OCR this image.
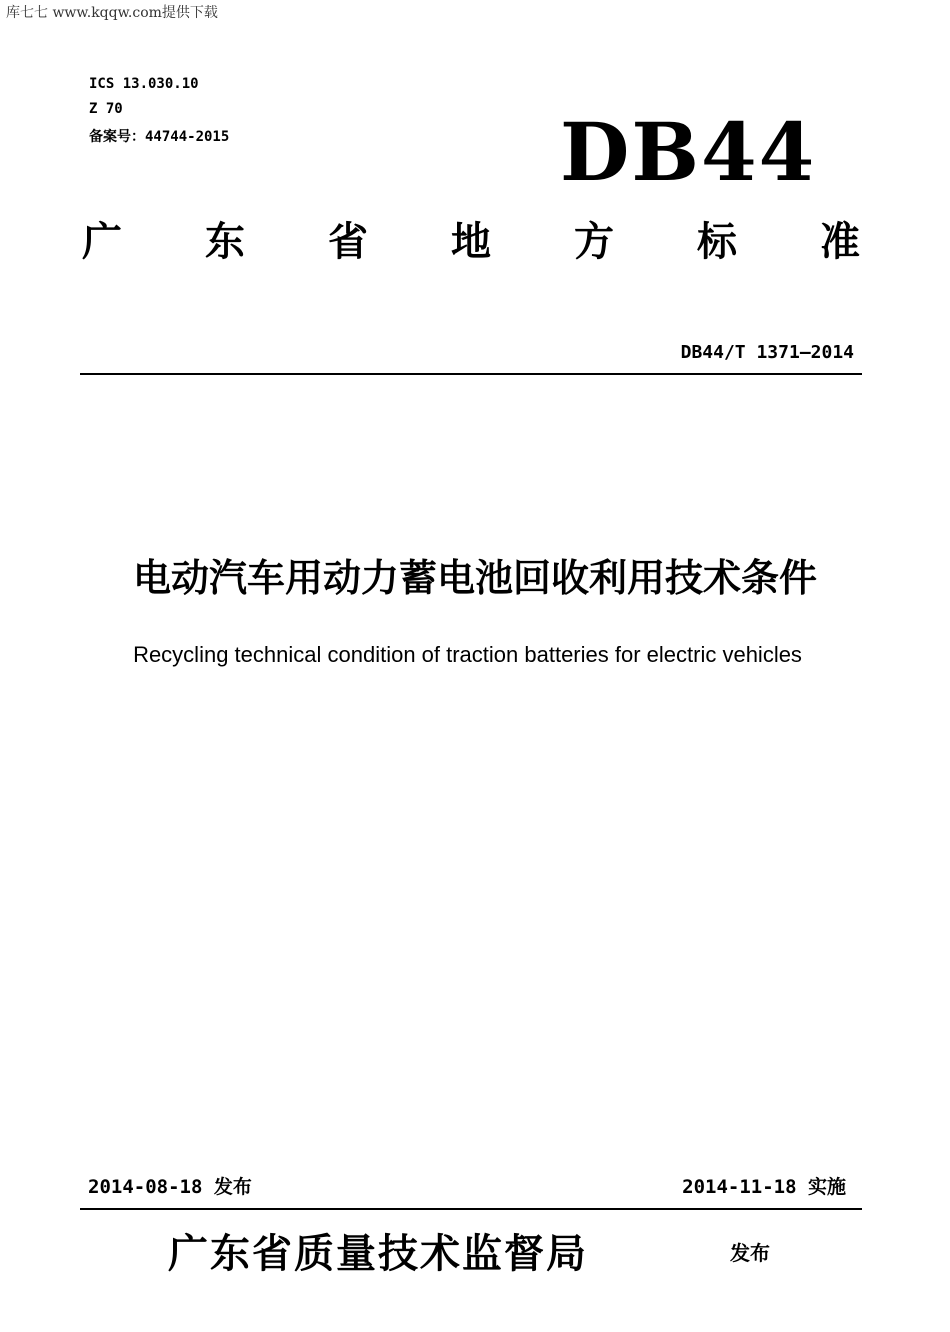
库七七 www.kqqw.com提供下载
ICS 13.030.10
Z 70
备案号：44744-2015	DB44
广 东 省 地 方 标 准
DB44/T 1371—2014
电动汽车用动力蓄电池回收利用技术条件
Recycling technical condition of traction batteries for electric vehicles
2014-08-18 发布	2014-11-18 实施
广东省质量技术监督局	发布
